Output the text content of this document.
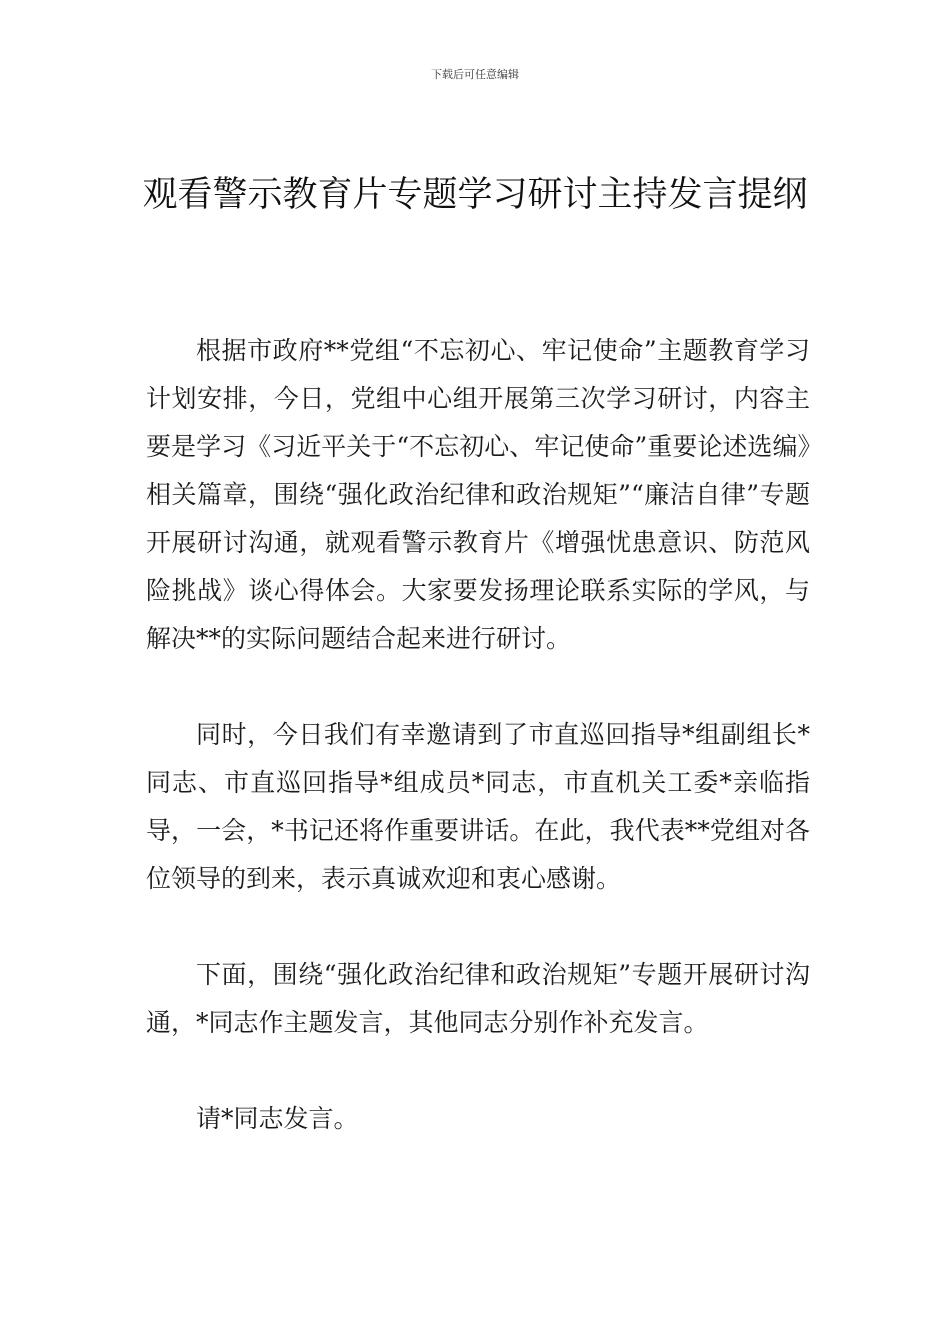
下载后可任意编辑
观看警示教育片专题学习研讨主持发言提纲

根据市政府**党组“不忘初心、牢记使命”主题教育学习计划安排，今日，党组中心组开展第三次学习研讨，内容主要是学习《习近平关于“不忘初心、牢记使命”重要论述选编》相关篇章，围绕“强化政治纪律和政治规矩”“廉洁自律”专题开展研讨沟通，就观看警示教育片《增强忧患意识、防范风险挑战》谈心得体会。大家要发扬理论联系实际的学风，与解决**的实际问题结合起来进行研讨。

同时，今日我们有幸邀请到了市直巡回指导*组副组长*同志、市直巡回指导*组成员*同志，市直机关工委*亲临指导，一会，*书记还将作重要讲话。在此，我代表**党组对各位领导的到来，表示真诚欢迎和衷心感谢。

下面，围绕“强化政治纪律和政治规矩”专题开展研讨沟通，*同志作主题发言，其他同志分别作补充发言。

请*同志发言。
